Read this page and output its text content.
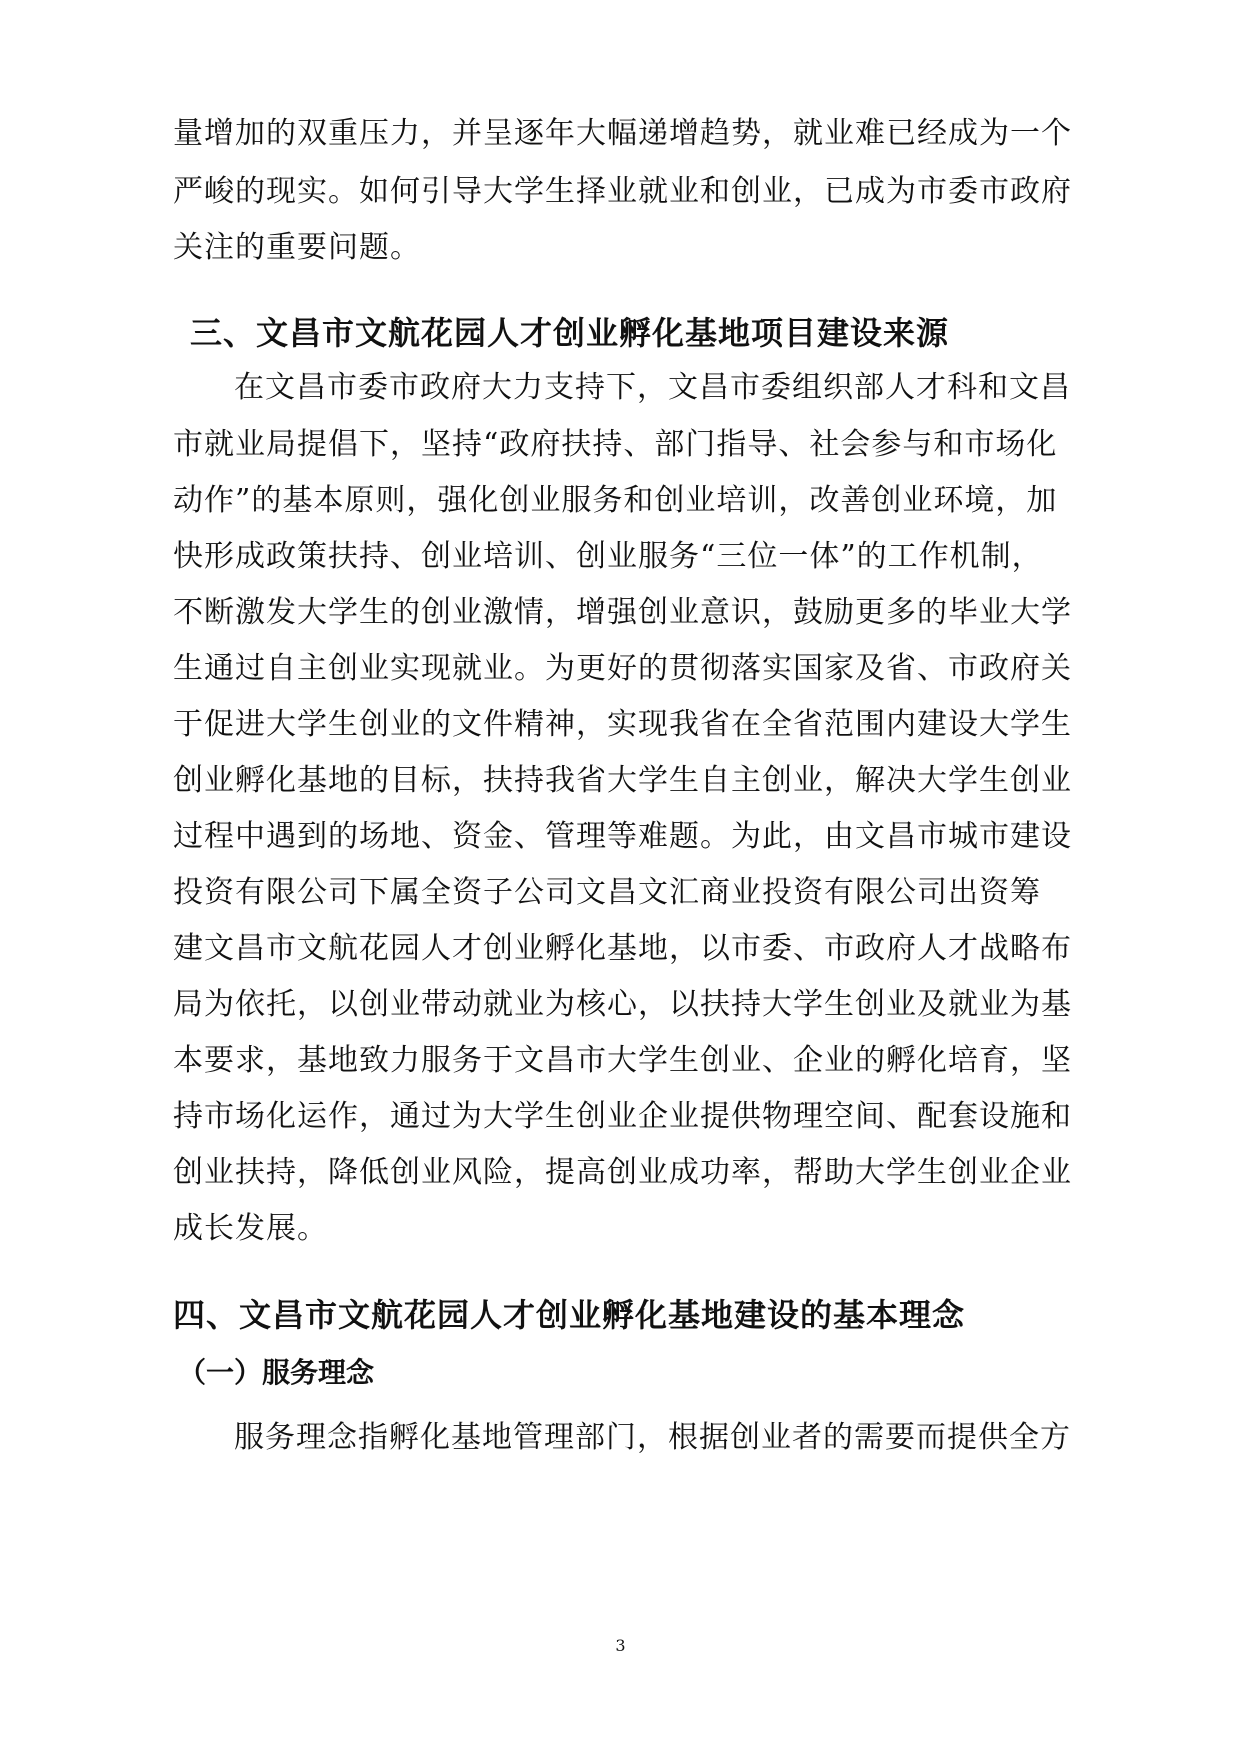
量增加的双重压力，并呈逐年大幅递增趋势，就业难已经成为一个
严峻的现实。如何引导大学生择业就业和创业，已成为市委市政府
关注的重要问题。
三、文昌市文航花园人才创业孵化基地项目建设来源
在文昌市委市政府大力支持下，文昌市委组织部人才科和文昌
市就业局提倡下，坚持“政府扶持、部门指导、社会参与和市场化
动作”的基本原则，强化创业服务和创业培训，改善创业环境，加
快形成政策扶持、创业培训、创业服务“三位一体”的工作机制，
不断激发大学生的创业激情，增强创业意识，鼓励更多的毕业大学
生通过自主创业实现就业。为更好的贯彻落实国家及省、市政府关
于促进大学生创业的文件精神，实现我省在全省范围内建设大学生
创业孵化基地的目标，扶持我省大学生自主创业，解决大学生创业
过程中遇到的场地、资金、管理等难题。为此，由文昌市城市建设
投资有限公司下属全资子公司文昌文汇商业投资有限公司出资筹
建文昌市文航花园人才创业孵化基地，以市委、市政府人才战略布
局为依托，以创业带动就业为核心，以扶持大学生创业及就业为基
本要求，基地致力服务于文昌市大学生创业、企业的孵化培育，坚
持市场化运作，通过为大学生创业企业提供物理空间、配套设施和
创业扶持，降低创业风险，提高创业成功率，帮助大学生创业企业
成长发展。
四、文昌市文航花园人才创业孵化基地建设的基本理念
（一）服务理念
服务理念指孵化基地管理部门，根据创业者的需要而提供全方
3
